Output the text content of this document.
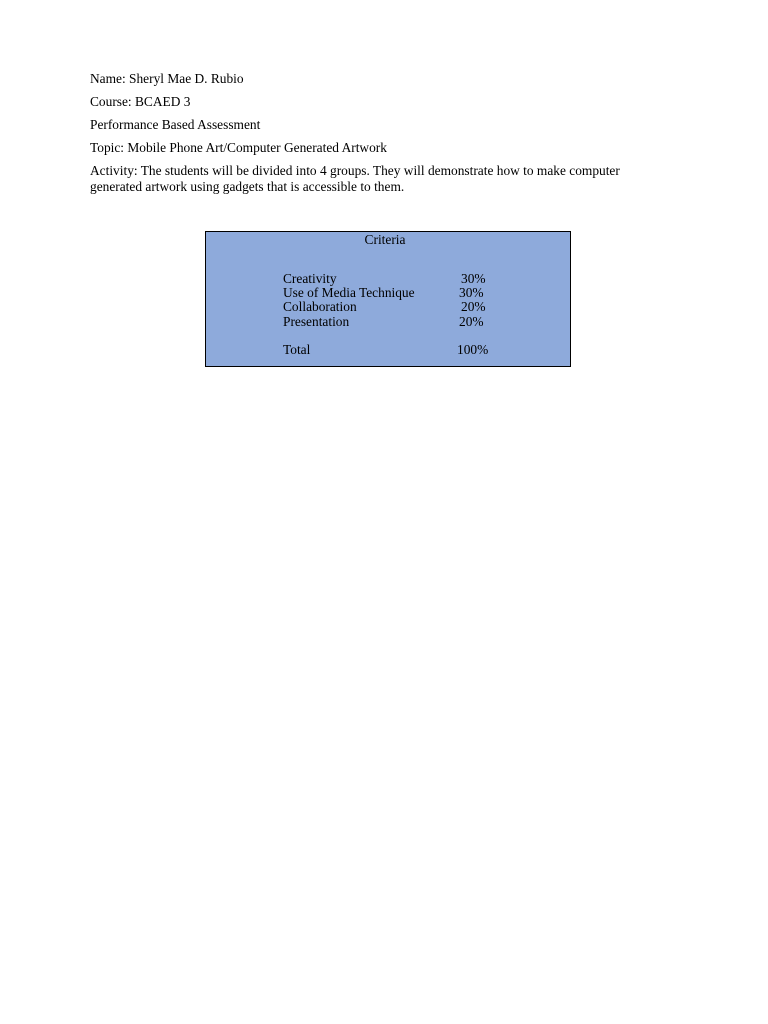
Name: Sheryl Mae D. Rubio

Course: BCAED 3

Performance Based Assessment

Topic: Mobile Phone Art/Computer Generated Artwork

Activity: The students will be divided into 4 groups. They will demonstrate how to make computer generated artwork using gadgets that is accessible to them.

Criteria
Creativity	30%
Use of Media Technique	30%
Collaboration	20%
Presentation	20%
Total	100%
